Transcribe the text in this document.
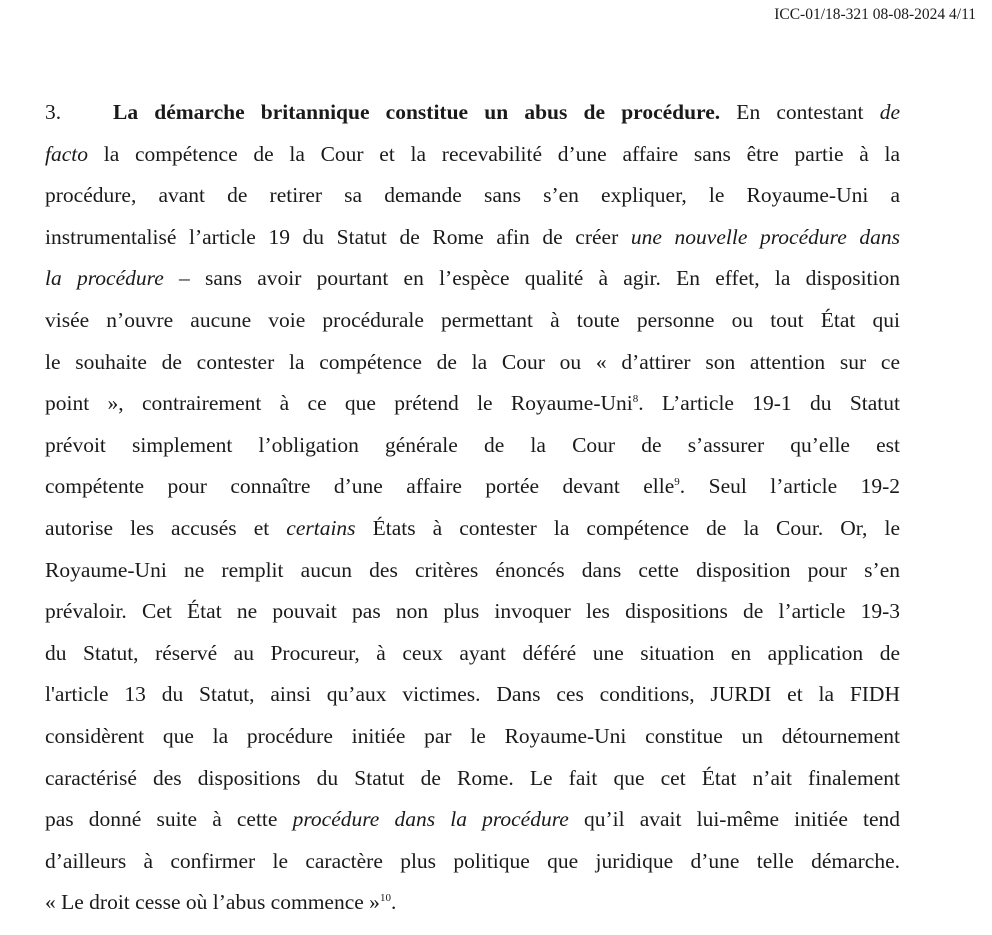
ICC-01/18-321 08-08-2024 4/11
3. La démarche britannique constitue un abus de procédure. En contestant de
facto la compétence de la Cour et la recevabilité d’une affaire sans être partie à la
procédure, avant de retirer sa demande sans s’en expliquer, le Royaume-Uni a
instrumentalisé l’article 19 du Statut de Rome afin de créer une nouvelle procédure dans
la procédure – sans avoir pourtant en l’espèce qualité à agir. En effet, la disposition
visée n’ouvre aucune voie procédurale permettant à toute personne ou tout État qui
le souhaite de contester la compétence de la Cour ou « d’attirer son attention sur ce
point », contrairement à ce que prétend le Royaume-Uni$^8$. L’article 19-1 du Statut
prévoit simplement l’obligation générale de la Cour de s’assurer qu’elle est
compétente pour connaître d’une affaire portée devant elle$^9$. Seul l’article 19-2
autorise les accusés et certains États à contester la compétence de la Cour. Or, le
Royaume-Uni ne remplit aucun des critères énoncés dans cette disposition pour s’en
prévaloir. Cet État ne pouvait pas non plus invoquer les dispositions de l’article 19-3
du Statut, réservé au Procureur, à ceux ayant déféré une situation en application de
l'article 13 du Statut, ainsi qu’aux victimes. Dans ces conditions, JURDI et la FIDH
considèrent que la procédure initiée par le Royaume-Uni constitue un détournement
caractérisé des dispositions du Statut de Rome. Le fait que cet État n’ait finalement
pas donné suite à cette procédure dans la procédure qu’il avait lui-même initiée tend
d’ailleurs à confirmer le caractère plus politique que juridique d’une telle démarche.
« Le droit cesse où l’abus commence »$^{10}$.
